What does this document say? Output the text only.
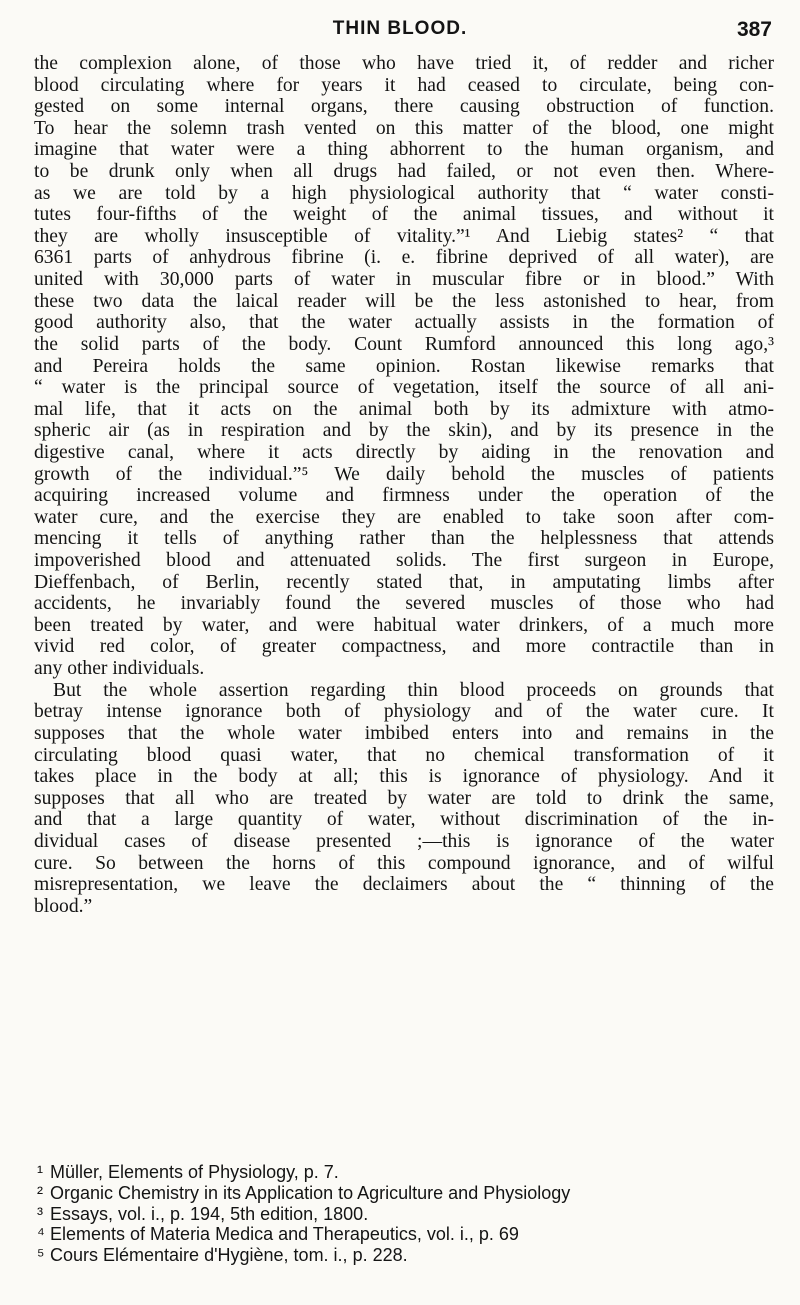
THIN BLOOD.	387
the complexion alone, of those who have tried it, of redder and richer
blood circulating where for years it had ceased to circulate, being con-
gested on some internal organs, there causing obstruction of function.
To hear the solemn trash vented on this matter of the blood, one might
imagine that water were a thing abhorrent to the human organism, and
to be drunk only when all drugs had failed, or not even then. Where-
as we are told by a high physiological authority that “ water consti-
tutes four-fifths of the weight of the animal tissues, and without it
they are wholly insusceptible of vitality.”¹ And Liebig states² “ that
6361 parts of anhydrous fibrine (i. e. fibrine deprived of all water), are
united with 30,000 parts of water in muscular fibre or in blood.” With
these two data the laical reader will be the less astonished to hear, from
good authority also, that the water actually assists in the formation of
the solid parts of the body. Count Rumford announced this long ago,³
and Pereira holds the same opinion. Rostan likewise remarks that
“ water is the principal source of vegetation, itself the source of all ani-
mal life, that it acts on the animal both by its admixture with atmo-
spheric air (as in respiration and by the skin), and by its presence in the
digestive canal, where it acts directly by aiding in the renovation and
growth of the individual.”⁵ We daily behold the muscles of patients
acquiring increased volume and firmness under the operation of the
water cure, and the exercise they are enabled to take soon after com-
mencing it tells of anything rather than the helplessness that attends
impoverished blood and attenuated solids. The first surgeon in Europe,
Dieffenbach, of Berlin, recently stated that, in amputating limbs after
accidents, he invariably found the severed muscles of those who had
been treated by water, and were habitual water drinkers, of a much more
vivid red color, of greater compactness, and more contractile than in
any other individuals.
But the whole assertion regarding thin blood proceeds on grounds that
betray intense ignorance both of physiology and of the water cure. It
supposes that the whole water imbibed enters into and remains in the
circulating blood quasi water, that no chemical transformation of it
takes place in the body at all; this is ignorance of physiology. And it
supposes that all who are treated by water are told to drink the same,
and that a large quantity of water, without discrimination of the in-
dividual cases of disease presented ;—this is ignorance of the water
cure. So between the horns of this compound ignorance, and of wilful
misrepresentation, we leave the declaimers about the “ thinning of the
blood.”
¹ Müller, Elements of Physiology, p. 7.
² Organic Chemistry in its Application to Agriculture and Physiology
³ Essays, vol. i., p. 194, 5th edition, 1800.
⁴ Elements of Materia Medica and Therapeutics, vol. i., p. 69
⁵ Cours Elémentaire d'Hygiène, tom. i., p. 228.
